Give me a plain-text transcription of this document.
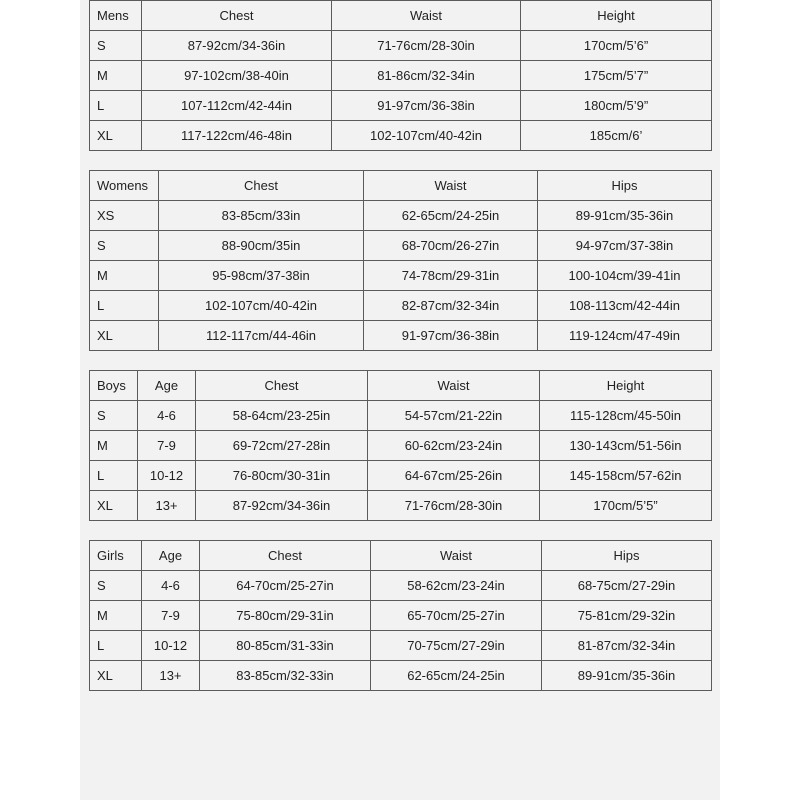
Mens	Chest	Waist	Height
S	87-92cm/34-36in	71-76cm/28-30in	170cm/5’6”
M	97-102cm/38-40in	81-86cm/32-34in	175cm/5’7”
L	107-112cm/42-44in	91-97cm/36-38in	180cm/5’9”
XL	117-122cm/46-48in	102-107cm/40-42in	185cm/6’
Womens	Chest	Waist	Hips
XS	83-85cm/33in	62-65cm/24-25in	89-91cm/35-36in
S	88-90cm/35in	68-70cm/26-27in	94-97cm/37-38in
M	95-98cm/37-38in	74-78cm/29-31in	100-104cm/39-41in
L	102-107cm/40-42in	82-87cm/32-34in	108-113cm/42-44in
XL	112-117cm/44-46in	91-97cm/36-38in	119-124cm/47-49in
Boys	Age	Chest	Waist	Height
S	4-6	58-64cm/23-25in	54-57cm/21-22in	115-128cm/45-50in
M	7-9	69-72cm/27-28in	60-62cm/23-24in	130-143cm/51-56in
L	10-12	76-80cm/30-31in	64-67cm/25-26in	145-158cm/57-62in
XL	13+	87-92cm/34-36in	71-76cm/28-30in	170cm/5’5”
Girls	Age	Chest	Waist	Hips
S	4-6	64-70cm/25-27in	58-62cm/23-24in	68-75cm/27-29in
M	7-9	75-80cm/29-31in	65-70cm/25-27in	75-81cm/29-32in
L	10-12	80-85cm/31-33in	70-75cm/27-29in	81-87cm/32-34in
XL	13+	83-85cm/32-33in	62-65cm/24-25in	89-91cm/35-36in
